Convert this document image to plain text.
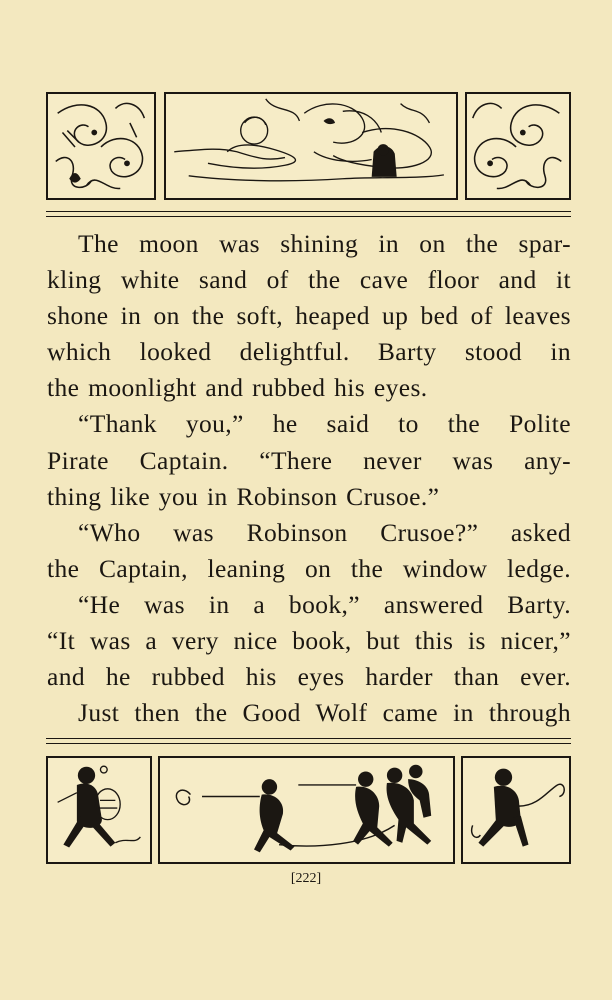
The moon was shining in on the spar-
kling white sand of the cave floor and it
shone in on the soft, heaped up bed of leaves
which looked delightful. Barty stood in
the moonlight and rubbed his eyes.
“Thank you,” he said to the Polite
Pirate Captain. “There never was any-
thing like you in Robinson Crusoe.”
“Who was Robinson Crusoe?” asked
the Captain, leaning on the window ledge.
“He was in a book,” answered Barty.
“It was a very nice book, but this is nicer,”
and he rubbed his eyes harder than ever.
Just then the Good Wolf came in through
[222]
